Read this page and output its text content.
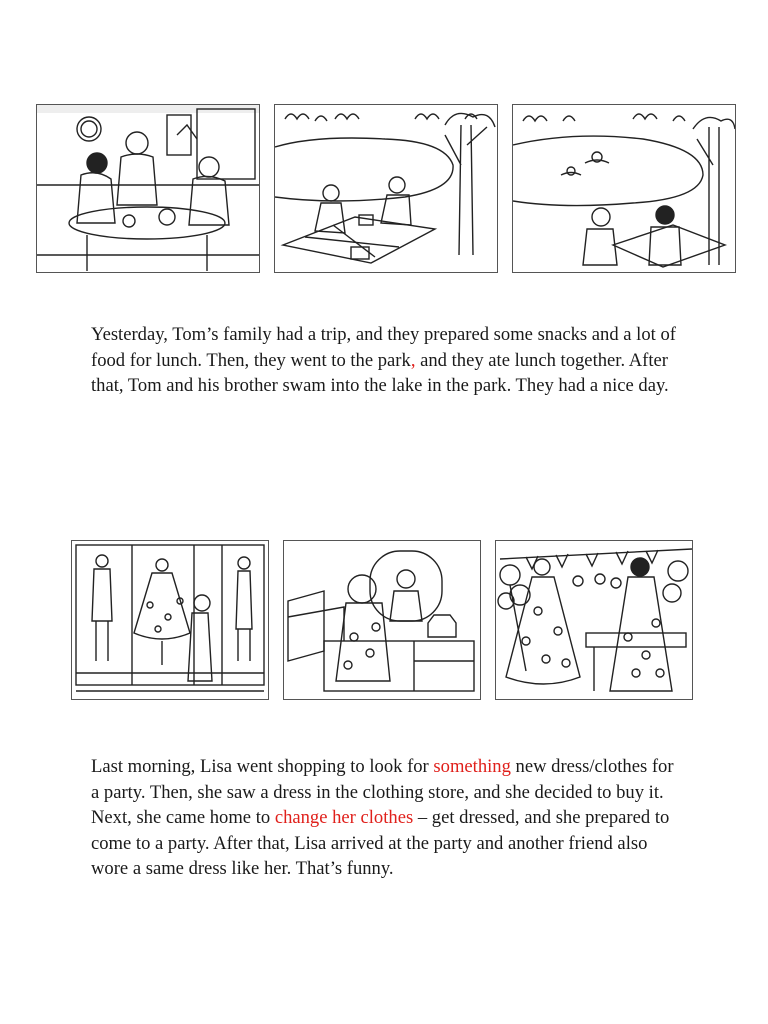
Yesterday, Tom’s family had a trip, and they prepared some snacks and a lot of food for lunch. Then, they went to the park, and they ate lunch together. After that, Tom and his brother swam into the lake in the park. They had a nice day.

Last morning, Lisa went shopping to look for something new dress/clothes for a party. Then, she saw a dress in the clothing store, and she decided to buy it. Next, she came home to change her clothes – get dressed, and she prepared to come to a party. After that, Lisa arrived at the party and another friend also wore a same dress like her. That’s funny.
